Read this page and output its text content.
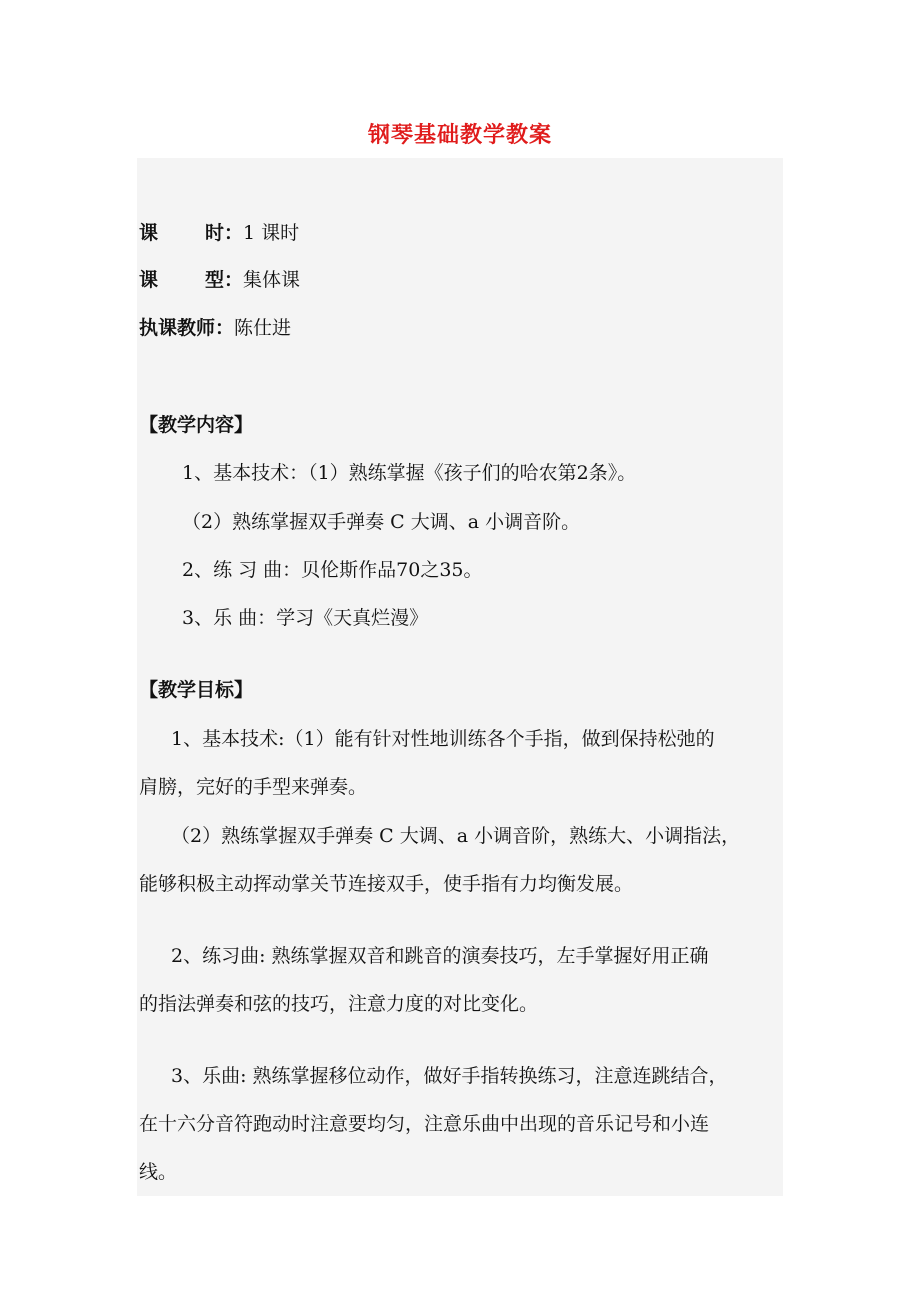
钢琴基础教学教案
课 时：1 课时
课 型：集体课
执课教师：陈仕进
【教学内容】
1、基本技术：（1）熟练掌握《孩子们的哈农第2条》。
（2）熟练掌握双手弹奏 C 大调、a 小调音阶。
2、练 习 曲：贝伦斯作品70之35。
3、乐 曲：学习《天真烂漫》
【教学目标】
1、基本技术:（1）能有针对性地训练各个手指，做到保持松弛的
肩膀，完好的手型来弹奏。
（2）熟练掌握双手弹奏 C 大调、a 小调音阶，熟练大、小调指法，
能够积极主动挥动掌关节连接双手，使手指有力均衡发展。
2、练习曲: 熟练掌握双音和跳音的演奏技巧，左手掌握好用正确
的指法弹奏和弦的技巧，注意力度的对比变化。
3、乐曲: 熟练掌握移位动作，做好手指转换练习，注意连跳结合，
在十六分音符跑动时注意要均匀，注意乐曲中出现的音乐记号和小连
线。
